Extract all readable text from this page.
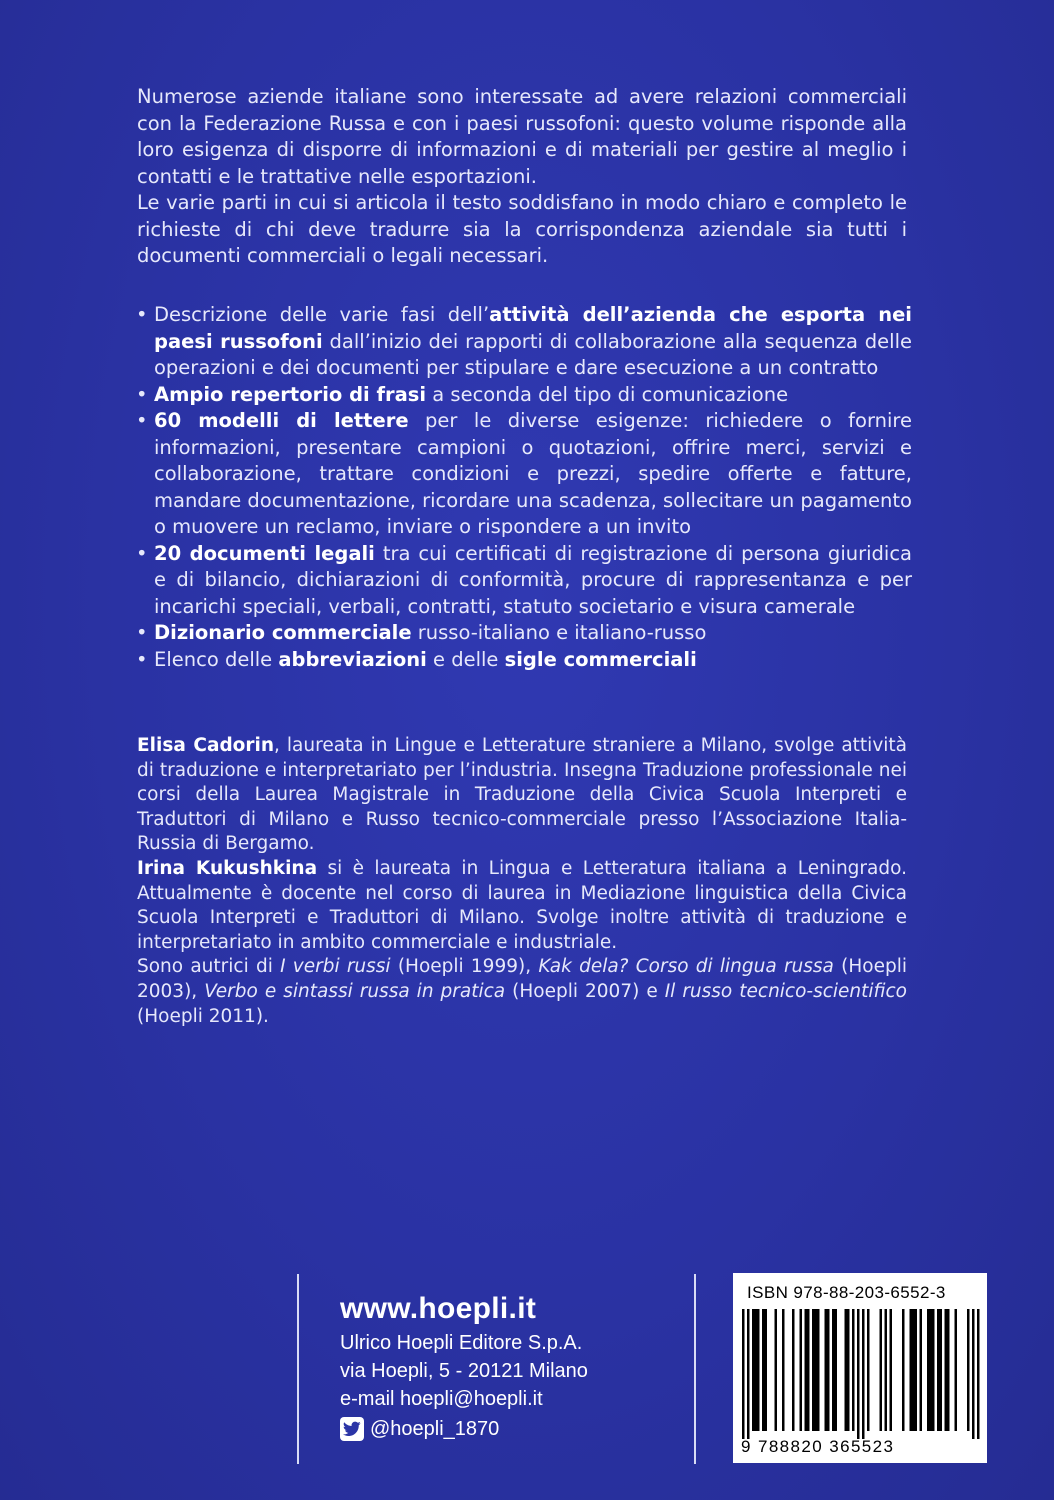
Numerose aziende italiane sono interessate ad avere relazioni commerciali con la Federazione Russa e con i paesi russofoni: questo volume risponde alla loro esigenza di disporre di informazioni e di materiali per gestire al meglio i contatti e le trattative nelle esportazioni.

Le varie parti in cui si articola il testo soddisfano in modo chiaro e completo le richieste di chi deve tradurre sia la corrispondenza aziendale sia tutti i documenti commerciali o legali necessari.

• Descrizione delle varie fasi dell’attività dell’azienda che esporta nei paesi russofoni dall’inizio dei rapporti di collaborazione alla sequenza delle operazioni e dei documenti per stipulare e dare esecuzione a un contratto
• Ampio repertorio di frasi a seconda del tipo di comunicazione
• 60 modelli di lettere per le diverse esigenze: richiedere o fornire informazioni, presentare campioni o quotazioni, offrire merci, servizi e collaborazione, trattare condizioni e prezzi, spedire offerte e fatture, mandare documentazione, ricordare una scadenza, sollecitare un pagamento o muovere un reclamo, inviare o rispondere a un invito
• 20 documenti legali tra cui certificati di registrazione di persona giuridica e di bilancio, dichiarazioni di conformità, procure di rappresentanza e per incarichi speciali, verbali, contratti, statuto societario e visura camerale
• Dizionario commerciale russo-italiano e italiano-russo
• Elenco delle abbreviazioni e delle sigle commerciali

Elisa Cadorin, laureata in Lingue e Letterature straniere a Milano, svolge attività di traduzione e interpretariato per l’industria. Insegna Traduzione professionale nei corsi della Laurea Magistrale in Traduzione della Civica Scuola Interpreti e Traduttori di Milano e Russo tecnico-commerciale presso l’Associazione Italia-Russia di Bergamo.

Irina Kukushkina si è laureata in Lingua e Letteratura italiana a Leningrado. Attualmente è docente nel corso di laurea in Mediazione linguistica della Civica Scuola Interpreti e Traduttori di Milano. Svolge inoltre attività di traduzione e interpretariato in ambito commerciale e industriale.

Sono autrici di I verbi russi (Hoepli 1999), Kak dela? Corso di lingua russa (Hoepli 2003), Verbo e sintassi russa in pratica (Hoepli 2007) e Il russo tecnico-scientifico (Hoepli 2011).

www.hoepli.it
Ulrico Hoepli Editore S.p.A.
via Hoepli, 5 - 20121 Milano
e-mail hoepli@hoepli.it
@hoepli_1870
ISBN 978-88-203-6552-3
9 788820 365523
